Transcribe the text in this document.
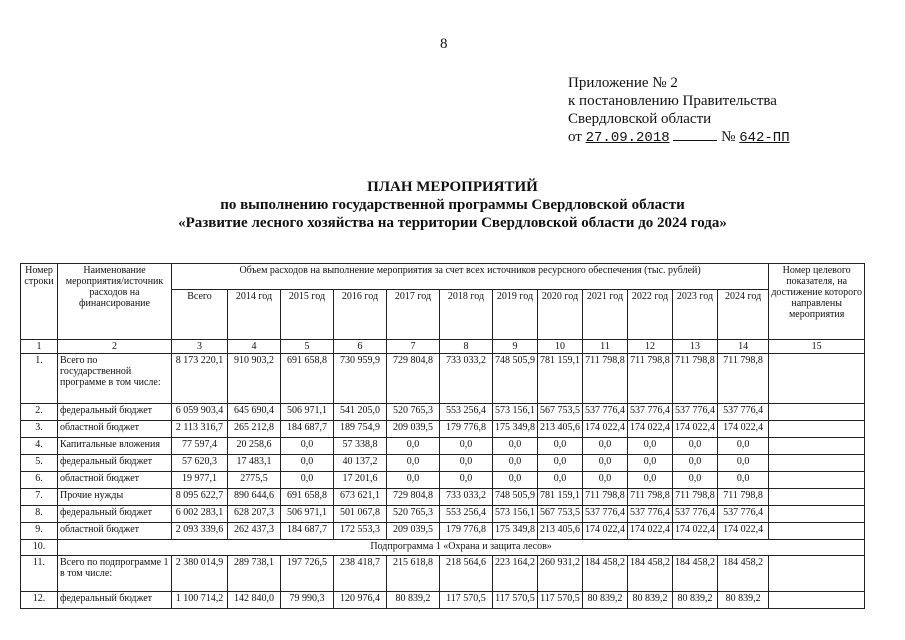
8
Приложение № 2
к постановлению Правительства
Свердловской области
от 27.09.2018	№ 642-ПП
ПЛАН МЕРОПРИЯТИЙ
по выполнению государственной программы Свердловской области
«Развитие лесного хозяйства на территории Свердловской области до 2024 года»
Номер строки	Наименование мероприятия/источник расходов на финансирование	Объем расходов на выполнение мероприятия за счет всех источников ресурсного обеспечения (тыс. рублей)												Номер целевого показателя, на достижение которого направлены мероприятия
		Всего	2014 год	2015 год	2016 год	2017 год	2018 год	2019 год	2020 год	2021 год	2022 год	2023 год	2024 год	
1	2	3	4	5	6	7	8	9	10	11	12	13	14	15
1.	Всего по государственной программе в том числе:	8 173 220,1	910 903,2	691 658,8	730 959,9	729 804,8	733 033,2	748 505,9	781 159,1	711 798,8	711 798,8	711 798,8	711 798,8	
2.	федеральный бюджет	6 059 903,4	645 690,4	506 971,1	541 205,0	520 765,3	553 256,4	573 156,1	567 753,5	537 776,4	537 776,4	537 776,4	537 776,4	
3.	областной бюджет	2 113 316,7	265 212,8	184 687,7	189 754,9	209 039,5	179 776,8	175 349,8	213 405,6	174 022,4	174 022,4	174 022,4	174 022,4	
4.	Капитальные вложения	77 597,4	20 258,6	0,0	57 338,8	0,0	0,0	0,0	0,0	0,0	0,0	0,0	0,0	
5.	федеральный бюджет	57 620,3	17 483,1	0,0	40 137,2	0,0	0,0	0,0	0,0	0,0	0,0	0,0	0,0	
6.	областной бюджет	19 977,1	2775,5	0,0	17 201,6	0,0	0,0	0,0	0,0	0,0	0,0	0,0	0,0	
7.	Прочие нужды	8 095 622,7	890 644,6	691 658,8	673 621,1	729 804,8	733 033,2	748 505,9	781 159,1	711 798,8	711 798,8	711 798,8	711 798,8	
8.	федеральный бюджет	6 002 283,1	628 207,3	506 971,1	501 067,8	520 765,3	553 256,4	573 156,1	567 753,5	537 776,4	537 776,4	537 776,4	537 776,4	
9.	областной бюджет	2 093 339,6	262 437,3	184 687,7	172 553,3	209 039,5	179 776,8	175 349,8	213 405,6	174 022,4	174 022,4	174 022,4	174 022,4	
10.	Подпрограмма 1 «Охрана и защита лесов»													
11.	Всего по подпрограмме 1 в том числе:	2 380 014,9	289 738,1	197 726,5	238 418,7	215 618,8	218 564,6	223 164,2	260 931,2	184 458,2	184 458,2	184 458,2	184 458,2	
12.	федеральный бюджет	1 100 714,2	142 840,0	79 990,3	120 976,4	80 839,2	117 570,5	117 570,5	117 570,5	80 839,2	80 839,2	80 839,2	80 839,2	
